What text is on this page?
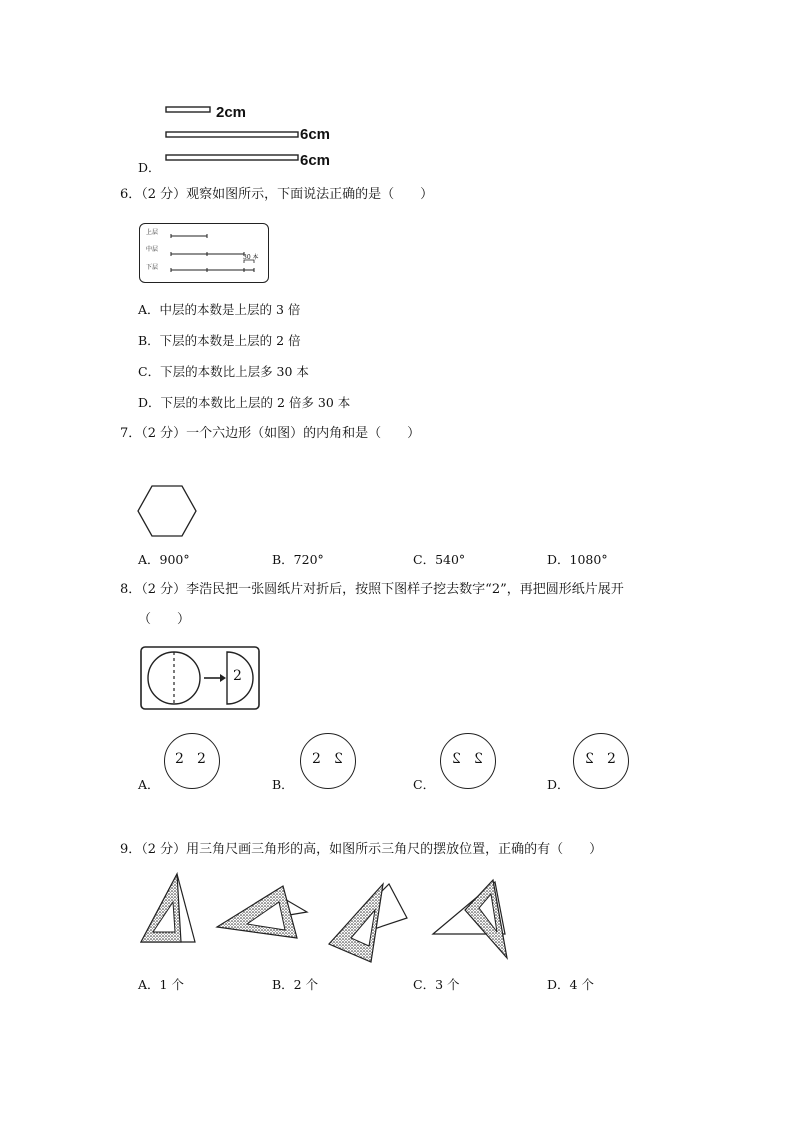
2cm
6cm
6cm
D．
6．（2 分）观察如图所示，下面说法正确的是（　　）
上层
中层
下层
30 本
A．中层的本数是上层的 3 倍
B．下层的本数是上层的 2 倍
C．下层的本数比上层多 30 本
D．下层的本数比上层的 2 倍多 30 本
7．（2 分）一个六边形（如图）的内角和是（　　）
A．900°	B．720°	C．540°	D．1080°
8．（2 分）李浩民把一张圆纸片对折后，按照下图样子挖去数字“2”，再把圆形纸片展开
（　　）
2
2 2	2 2	2 2	2 2
A．	B．	C．	D．
9．（2 分）用三角尺画三角形的高，如图所示三角尺的摆放位置，正确的有（　　）
A．1 个	B．2 个	C．3 个	D．4 个
